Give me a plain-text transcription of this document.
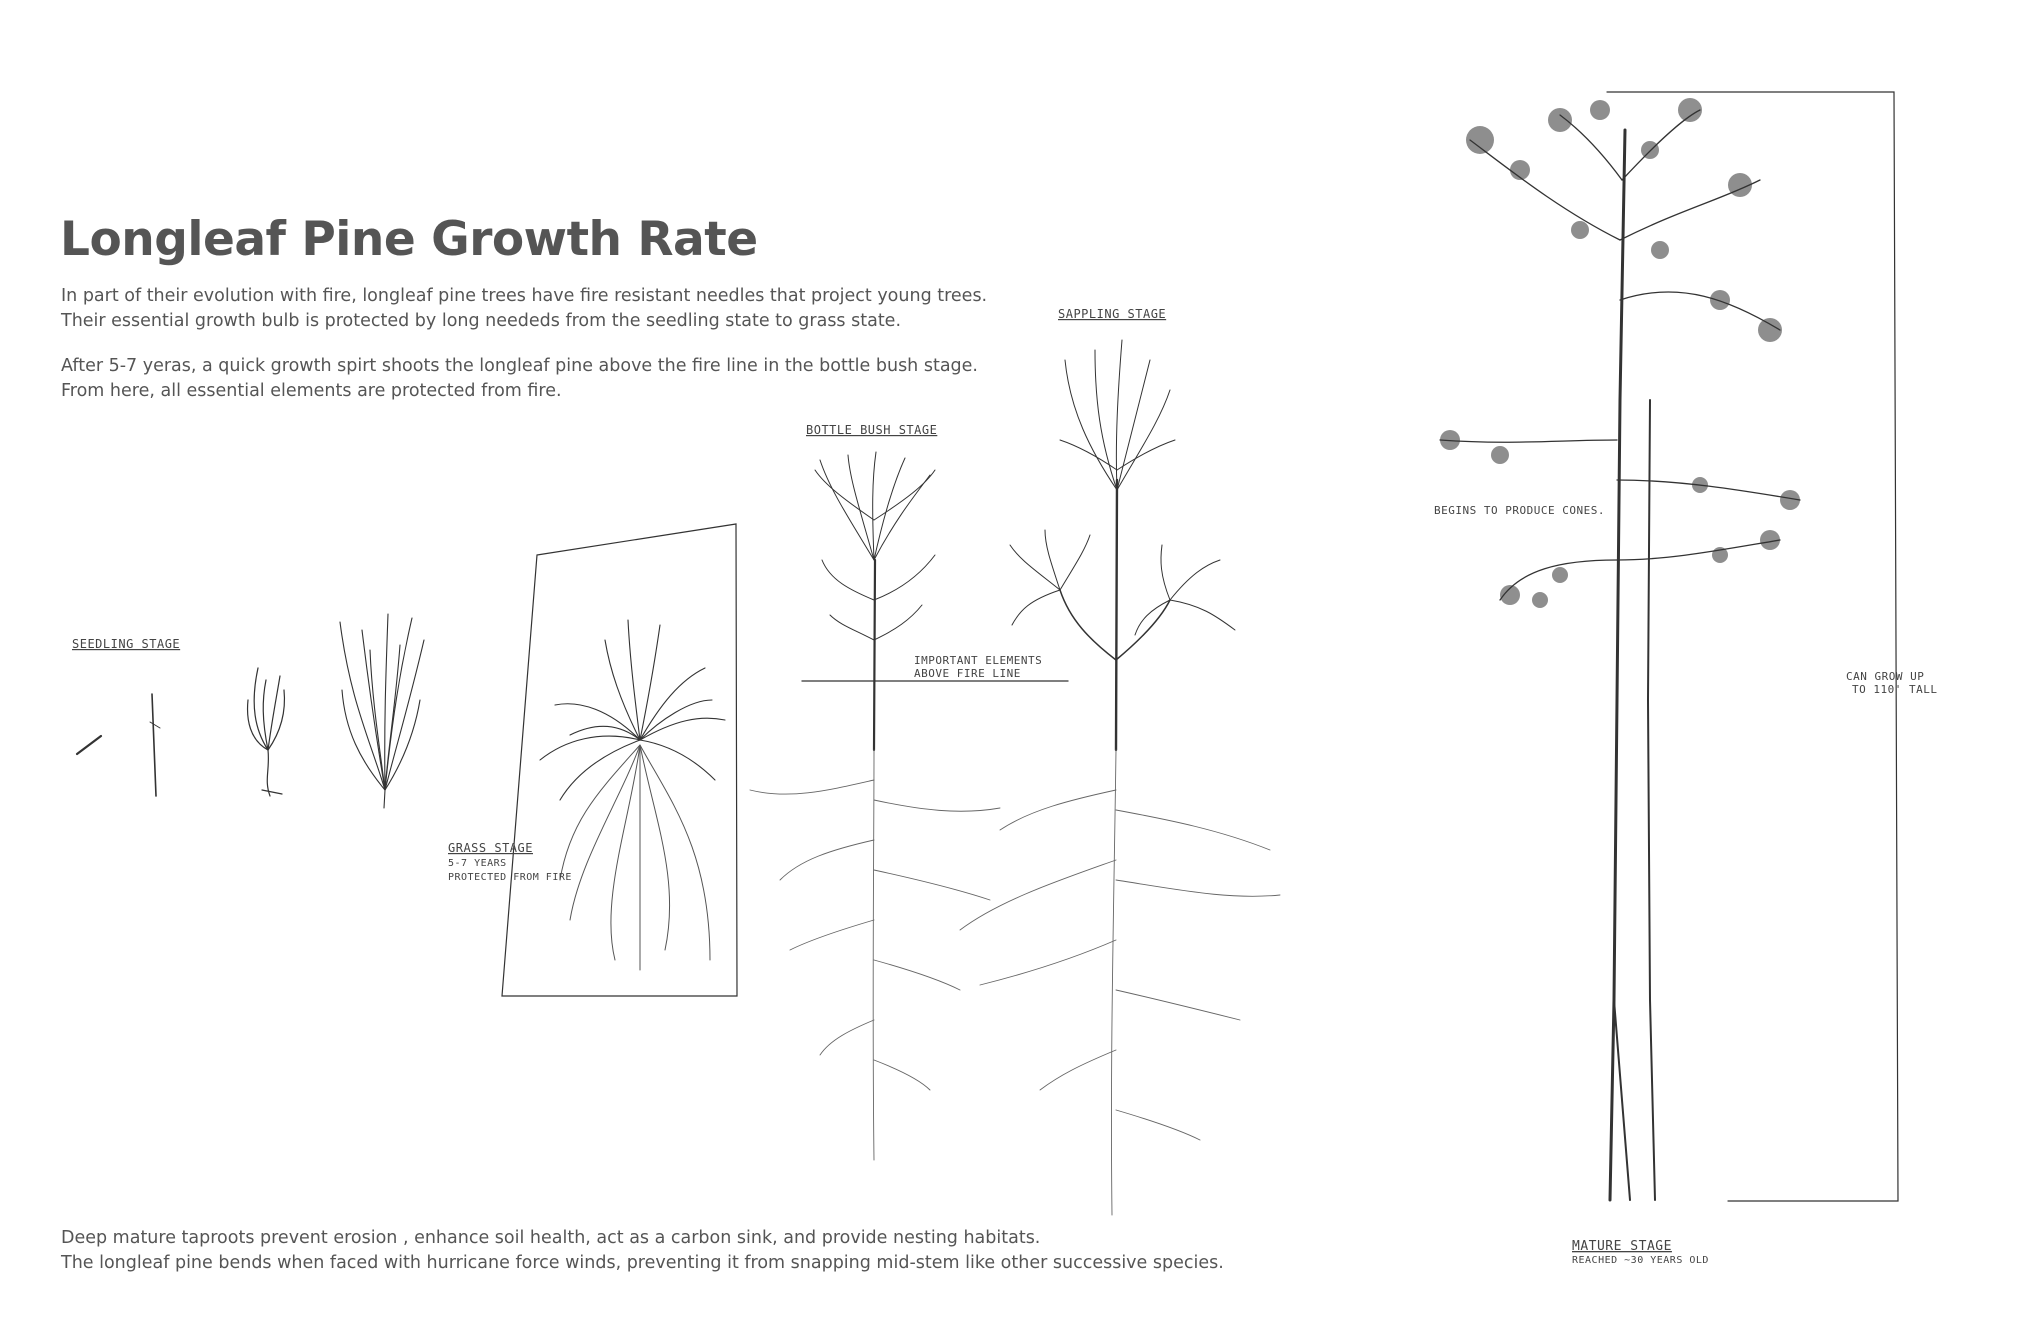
Longleaf Pine Growth Rate
In part of their evolution with fire, longleaf pine trees have fire resistant needles that project young trees.
Their essential growth bulb is protected by long neededs from the seedling state to grass state.
After 5-7 yeras, a quick growth spirt shoots the longleaf pine above the fire line in the bottle bush stage.
From here, all essential elements are protected from fire.
Deep mature taproots prevent erosion , enhance soil health, act as a carbon sink, and provide nesting habitats.
The longleaf pine bends when faced with hurricane force winds, preventing it from snapping mid-stem like other successive species.
SEEDLING STAGE
GRASS STAGE
5-7 YEARS
PROTECTED FROM FIRE
BOTTLE BUSH STAGE
IMPORTANT ELEMENTS
ABOVE FIRE LINE
SAPPLING STAGE
BEGINS TO PRODUCE CONES.
CAN GROW UP
TO 110' TALL
MATURE STAGE
REACHED ~30 YEARS OLD
